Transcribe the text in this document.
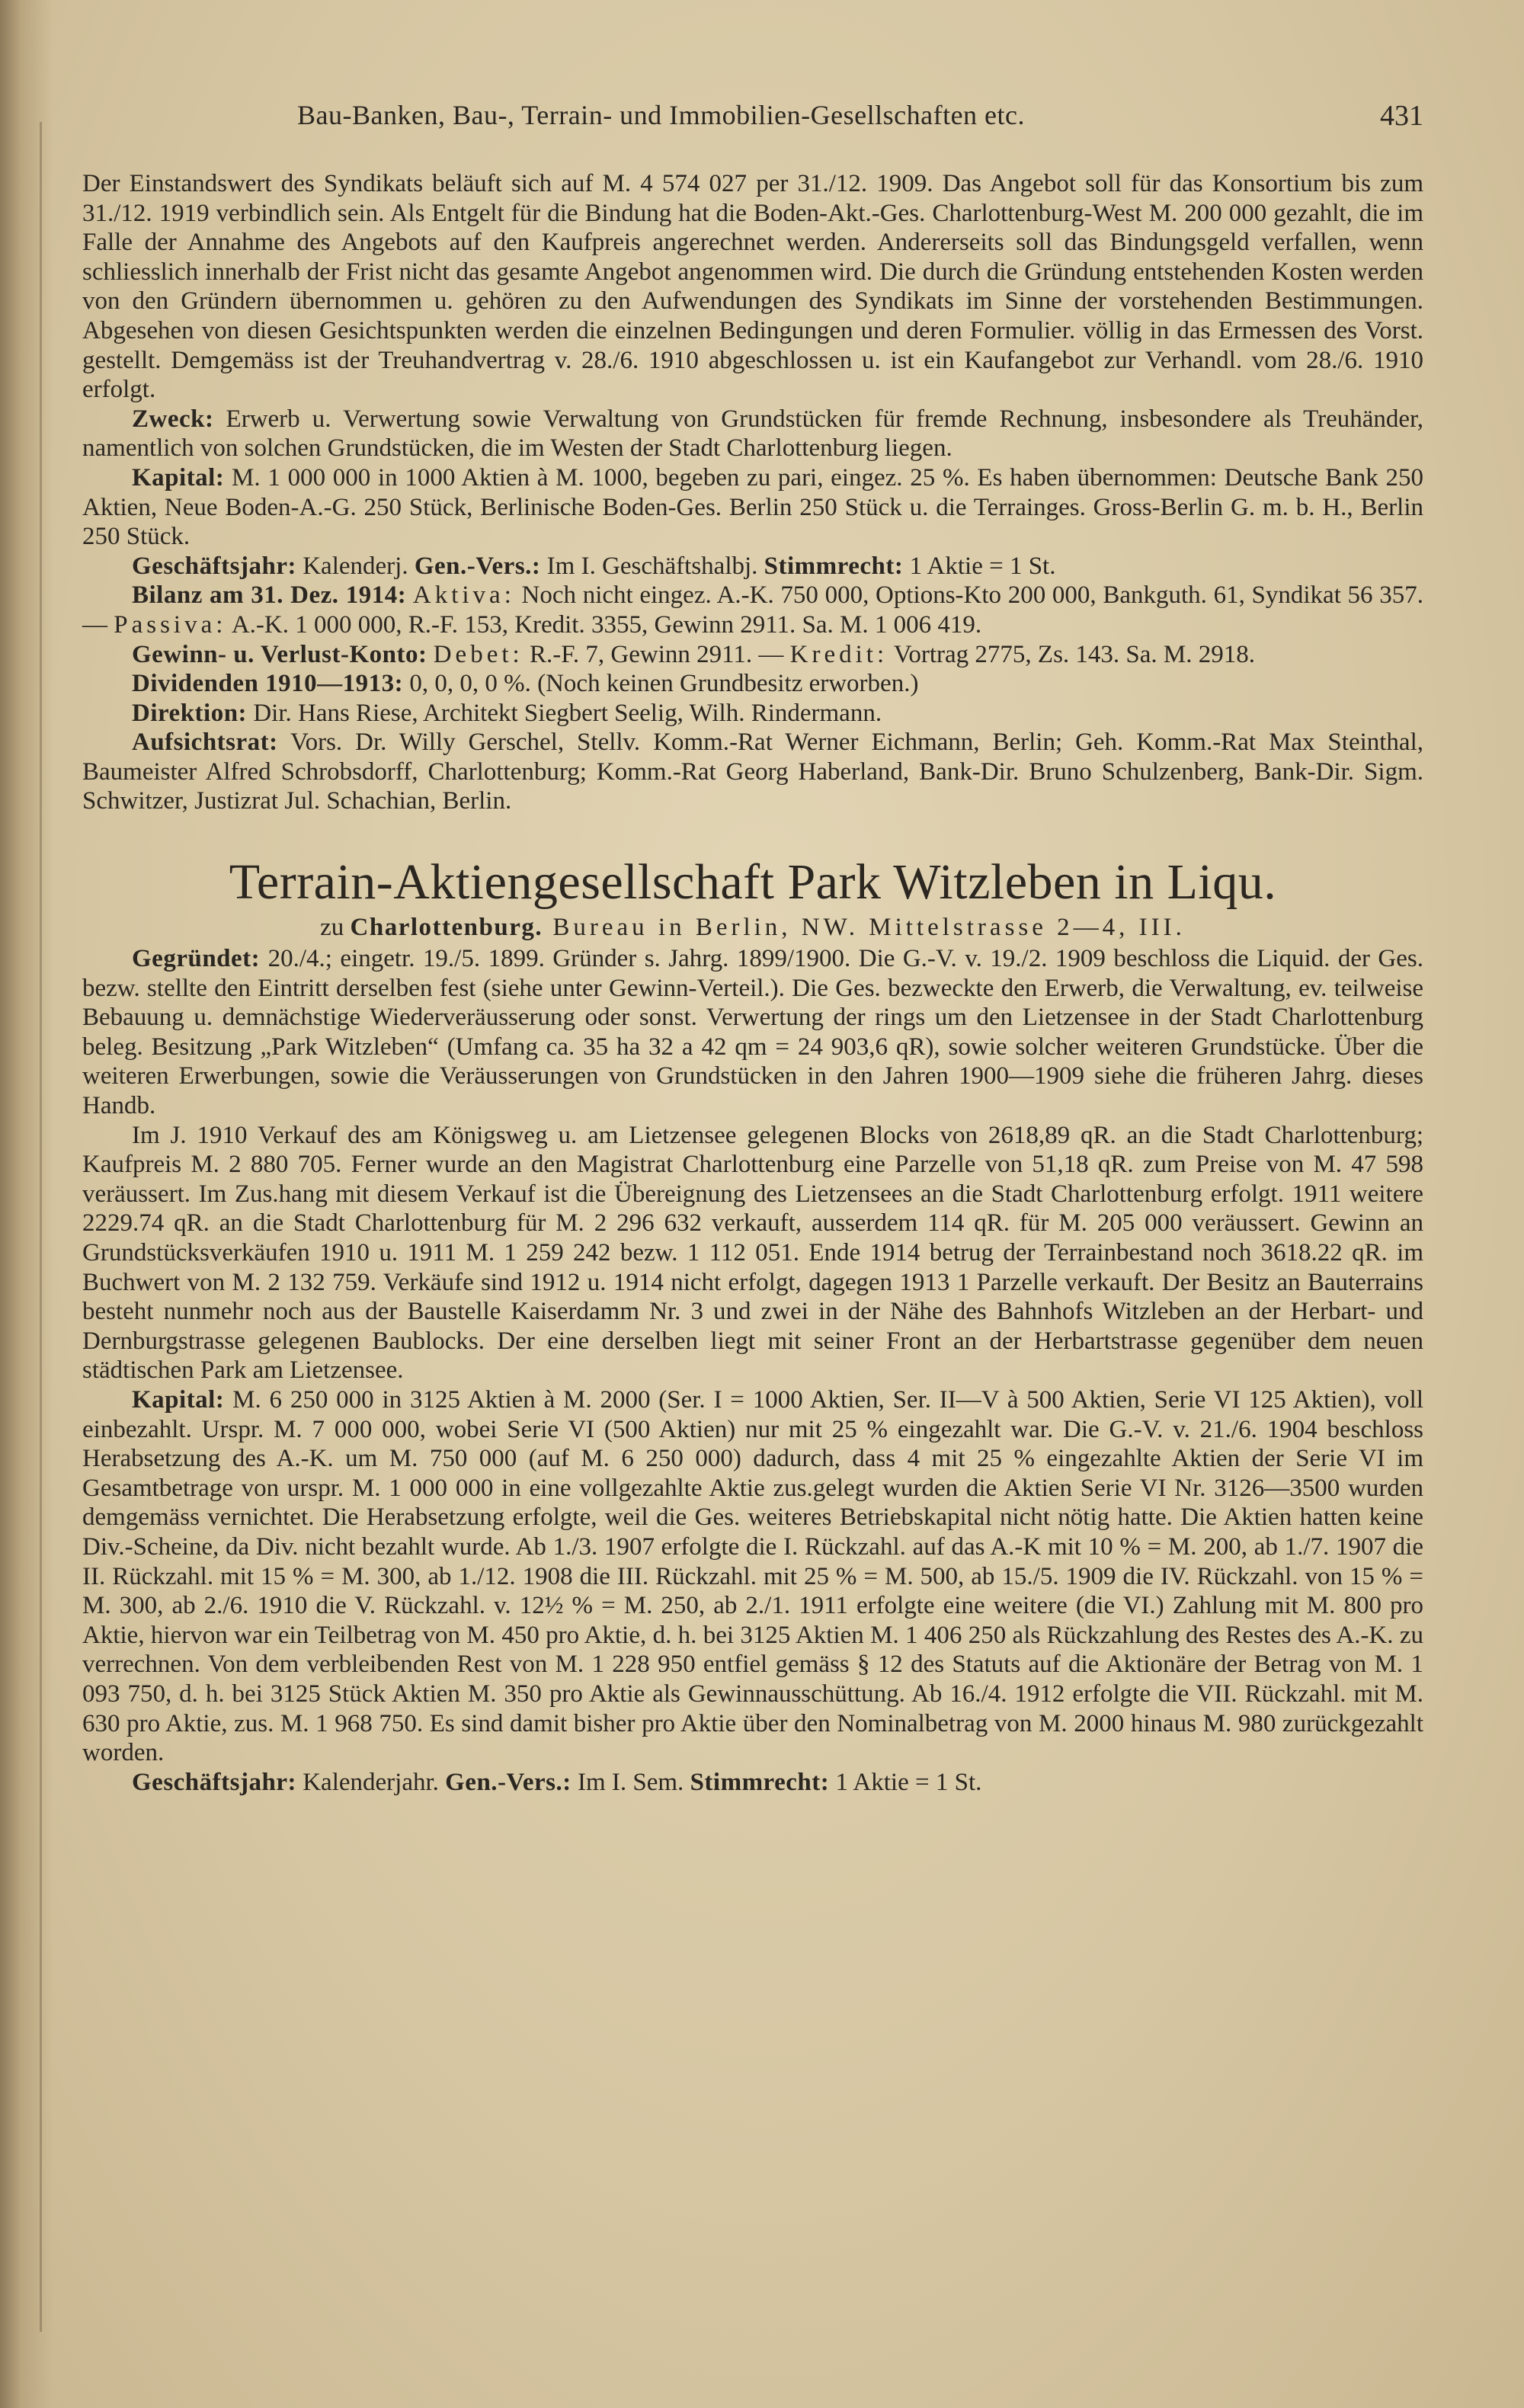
Bau-Banken, Bau-, Terrain- und Immobilien-Gesellschaften etc.	431

Der Einstandswert des Syndikats beläuft sich auf M. 4 574 027 per 31./12. 1909. Das Angebot soll für das Konsortium bis zum 31./12. 1919 verbindlich sein. Als Entgelt für die Bindung hat die Boden-Akt.-Ges. Charlottenburg-West M. 200 000 gezahlt, die im Falle der Annahme des Angebots auf den Kaufpreis angerechnet werden. Andererseits soll das Bindungsgeld verfallen, wenn schliesslich innerhalb der Frist nicht das gesamte Angebot angenommen wird. Die durch die Gründung entstehenden Kosten werden von den Gründern übernommen u. gehören zu den Aufwendungen des Syndikats im Sinne der vorstehenden Bestimmungen. Abgesehen von diesen Gesichtspunkten werden die einzelnen Bedingungen und deren Formulier. völlig in das Ermessen des Vorst. gestellt. Demgemäss ist der Treuhandvertrag v. 28./6. 1910 abgeschlossen u. ist ein Kaufangebot zur Verhandl. vom 28./6. 1910 erfolgt.

Zweck: Erwerb u. Verwertung sowie Verwaltung von Grundstücken für fremde Rechnung, insbesondere als Treuhänder, namentlich von solchen Grundstücken, die im Westen der Stadt Charlottenburg liegen.

Kapital: M. 1 000 000 in 1000 Aktien à M. 1000, begeben zu pari, eingez. 25 %. Es haben übernommen: Deutsche Bank 250 Aktien, Neue Boden-A.-G. 250 Stück, Berlinische Boden-Ges. Berlin 250 Stück u. die Terrainges. Gross-Berlin G. m. b. H., Berlin 250 Stück.

Geschäftsjahr: Kalenderj. Gen.-Vers.: Im I. Geschäftshalbj. Stimmrecht: 1 Aktie = 1 St.

Bilanz am 31. Dez. 1914: Aktiva: Noch nicht eingez. A.-K. 750 000, Options-Kto 200 000, Bankguth. 61, Syndikat 56 357. — Passiva: A.-K. 1 000 000, R.-F. 153, Kredit. 3355, Gewinn 2911. Sa. M. 1 006 419.

Gewinn- u. Verlust-Konto: Debet: R.-F. 7, Gewinn 2911. — Kredit: Vortrag 2775, Zs. 143. Sa. M. 2918.

Dividenden 1910—1913: 0, 0, 0, 0 %. (Noch keinen Grundbesitz erworben.)

Direktion: Dir. Hans Riese, Architekt Siegbert Seelig, Wilh. Rindermann.

Aufsichtsrat: Vors. Dr. Willy Gerschel, Stellv. Komm.-Rat Werner Eichmann, Berlin; Geh. Komm.-Rat Max Steinthal, Baumeister Alfred Schrobsdorff, Charlottenburg; Komm.-Rat Georg Haberland, Bank-Dir. Bruno Schulzenberg, Bank-Dir. Sigm. Schwitzer, Justizrat Jul. Schachian, Berlin.

Terrain-Aktiengesellschaft Park Witzleben in Liqu.
zu Charlottenburg. Bureau in Berlin, NW. Mittelstrasse 2—4, III.

Gegründet: 20./4.; eingetr. 19./5. 1899. Gründer s. Jahrg. 1899/1900. Die G.-V. v. 19./2. 1909 beschloss die Liquid. der Ges. bezw. stellte den Eintritt derselben fest (siehe unter Gewinn-Verteil.). Die Ges. bezweckte den Erwerb, die Verwaltung, ev. teilweise Bebauung u. demnächstige Wiederveräusserung oder sonst. Verwertung der rings um den Lietzensee in der Stadt Charlottenburg beleg. Besitzung „Park Witzleben“ (Umfang ca. 35 ha 32 a 42 qm = 24 903,6 qR), sowie solcher weiteren Grundstücke. Über die weiteren Erwerbungen, sowie die Veräusserungen von Grundstücken in den Jahren 1900—1909 siehe die früheren Jahrg. dieses Handb.

Im J. 1910 Verkauf des am Königsweg u. am Lietzensee gelegenen Blocks von 2618,89 qR. an die Stadt Charlottenburg; Kaufpreis M. 2 880 705. Ferner wurde an den Magistrat Charlottenburg eine Parzelle von 51,18 qR. zum Preise von M. 47 598 veräussert. Im Zus.hang mit diesem Verkauf ist die Übereignung des Lietzensees an die Stadt Charlottenburg erfolgt. 1911 weitere 2229.74 qR. an die Stadt Charlottenburg für M. 2 296 632 verkauft, ausserdem 114 qR. für M. 205 000 veräussert. Gewinn an Grundstücksverkäufen 1910 u. 1911 M. 1 259 242 bezw. 1 112 051. Ende 1914 betrug der Terrainbestand noch 3618.22 qR. im Buchwert von M. 2 132 759. Verkäufe sind 1912 u. 1914 nicht erfolgt, dagegen 1913 1 Parzelle verkauft. Der Besitz an Bauterrains besteht nunmehr noch aus der Baustelle Kaiserdamm Nr. 3 und zwei in der Nähe des Bahnhofs Witzleben an der Herbart- und Dernburgstrasse gelegenen Baublocks. Der eine derselben liegt mit seiner Front an der Herbartstrasse gegenüber dem neuen städtischen Park am Lietzensee.

Kapital: M. 6 250 000 in 3125 Aktien à M. 2000 (Ser. I = 1000 Aktien, Ser. II—V à 500 Aktien, Serie VI 125 Aktien), voll einbezahlt. Urspr. M. 7 000 000, wobei Serie VI (500 Aktien) nur mit 25 % eingezahlt war. Die G.-V. v. 21./6. 1904 beschloss Herabsetzung des A.-K. um M. 750 000 (auf M. 6 250 000) dadurch, dass 4 mit 25 % eingezahlte Aktien der Serie VI im Gesamtbetrage von urspr. M. 1 000 000 in eine vollgezahlte Aktie zus.gelegt wurden die Aktien Serie VI Nr. 3126—3500 wurden demgemäss vernichtet. Die Herabsetzung erfolgte, weil die Ges. weiteres Betriebskapital nicht nötig hatte. Die Aktien hatten keine Div.-Scheine, da Div. nicht bezahlt wurde. Ab 1./3. 1907 erfolgte die I. Rückzahl. auf das A.-K mit 10 % = M. 200, ab 1./7. 1907 die II. Rückzahl. mit 15 % = M. 300, ab 1./12. 1908 die III. Rückzahl. mit 25 % = M. 500, ab 15./5. 1909 die IV. Rückzahl. von 15 % = M. 300, ab 2./6. 1910 die V. Rückzahl. v. 12½ % = M. 250, ab 2./1. 1911 erfolgte eine weitere (die VI.) Zahlung mit M. 800 pro Aktie, hiervon war ein Teilbetrag von M. 450 pro Aktie, d. h. bei 3125 Aktien M. 1 406 250 als Rückzahlung des Restes des A.-K. zu verrechnen. Von dem verbleibenden Rest von M. 1 228 950 entfiel gemäss § 12 des Statuts auf die Aktionäre der Betrag von M. 1 093 750, d. h. bei 3125 Stück Aktien M. 350 pro Aktie als Gewinnausschüttung. Ab 16./4. 1912 erfolgte die VII. Rückzahl. mit M. 630 pro Aktie, zus. M. 1 968 750. Es sind damit bisher pro Aktie über den Nominalbetrag von M. 2000 hinaus M. 980 zurückgezahlt worden.

Geschäftsjahr: Kalenderjahr. Gen.-Vers.: Im I. Sem. Stimmrecht: 1 Aktie = 1 St.
